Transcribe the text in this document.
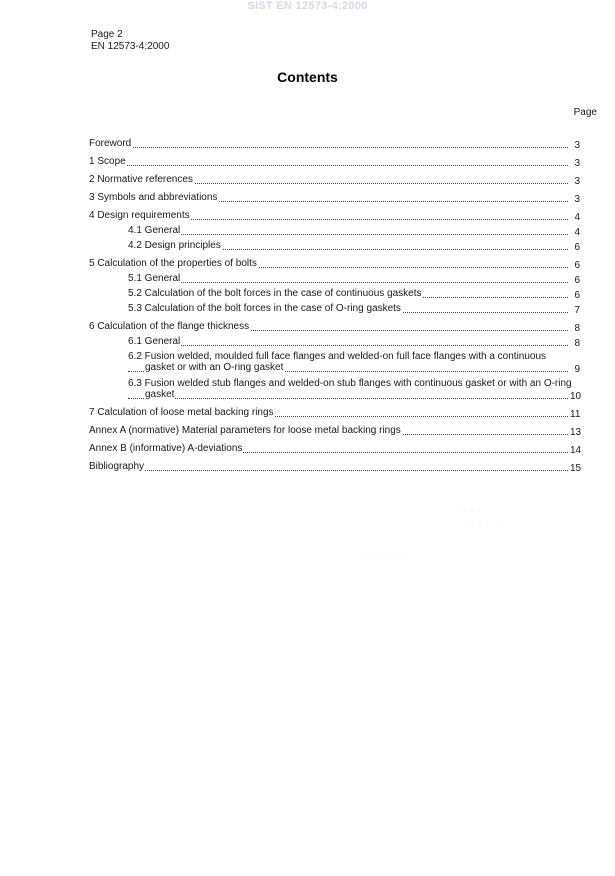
SIST EN 12573-4:2000
Page 2
EN 12573-4:2000
Contents
Page
Foreword	3
1 Scope	3
2 Normative references	3
3 Symbols and abbreviations	3
4 Design requirements	4
4.1 General	4
4.2 Design principles	6
5 Calculation of the properties of bolts	6
5.1 General	6
5.2 Calculation of the bolt forces in the case of continuous gaskets	6
5.3 Calculation of the bolt forces in the case of O-ring gaskets	7
6 Calculation of the flange thickness	8
6.1 General	8
6.2 Fusion welded, moulded full face flanges and welded-on full face flanges with a continuous
gasket or with an O-ring gasket	9
6.3 Fusion welded stub flanges and welded-on stub flanges with continuous gasket or with an O-ring
gasket	10
7 Calculation of loose metal backing rings	11
Annex A (normative) Material parameters for loose metal backing rings	13
Annex B (informative) A-deviations	14
Bibliography	15
· · ·
· · · ·
· · · · · ·
